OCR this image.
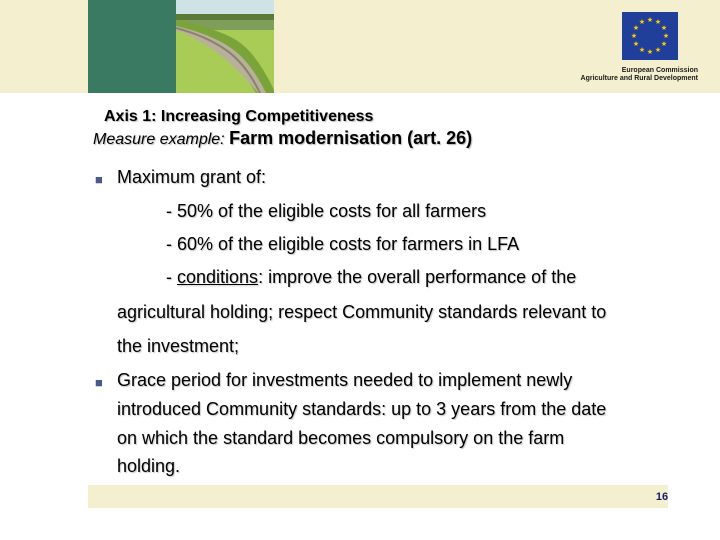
★ ★
★
★
★
★
★
★
★
★
★
★
European Commission
Agriculture and Rural Development
Axis 1: Increasing Competitiveness
Measure example: Farm modernisation (art. 26)
■ Maximum grant of:
- 50% of the eligible costs for all farmers
- 60% of the eligible costs for farmers in LFA
- conditions: improve the overall performance of the
agricultural holding; respect Community standards relevant to
the investment;
■ Grace period for investments needed to implement newly
introduced Community standards: up to 3 years from the date
on which the standard becomes compulsory on the farm
holding.
16
